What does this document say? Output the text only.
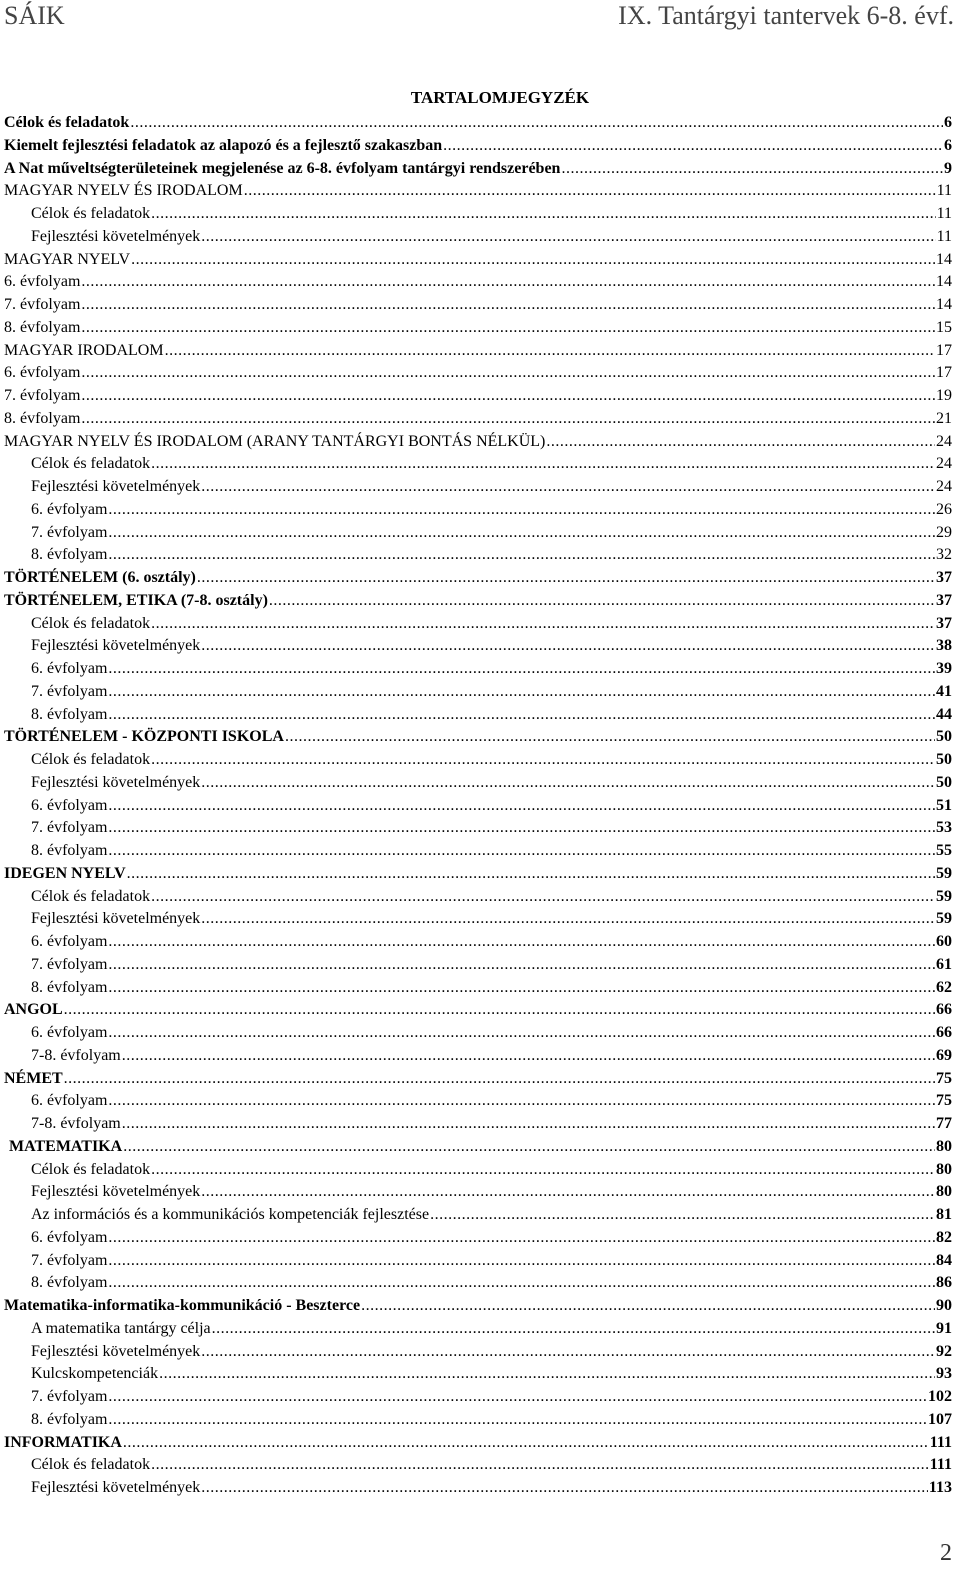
SÁIK	IX. Tantárgyi tantervek 6-8. évf.
TARTALOMJEGYZÉK
Célok és feladatok .....	6
Kiemelt fejlesztési feladatok az alapozó és a fejlesztő szakaszban .....	6
A Nat műveltségterületeinek megjelenése az 6-8. évfolyam tantárgyi rendszerében .....	9
MAGYAR NYELV ÉS IRODALOM .....	11
Célok és feladatok .....	11
Fejlesztési követelmények .....	11
MAGYAR NYELV .....	14
6. évfolyam .....	14
7. évfolyam .....	14
8. évfolyam .....	15
MAGYAR IRODALOM .....	17
6. évfolyam .....	17
7. évfolyam .....	19
8. évfolyam .....	21
MAGYAR NYELV ÉS IRODALOM (ARANY TANTÁRGYI BONTÁS NÉLKÜL) .....	24
Célok és feladatok .....	24
Fejlesztési követelmények .....	24
6. évfolyam .....	26
7. évfolyam .....	29
8. évfolyam .....	32
TÖRTÉNELEM (6. osztály) .....	37
TÖRTÉNELEM, ETIKA (7-8. osztály) .....	37
Célok és feladatok .....	37
Fejlesztési követelmények .....	38
6. évfolyam .....	39
7. évfolyam .....	41
8. évfolyam .....	44
TÖRTÉNELEM - KÖZPONTI ISKOLA .....	50
Célok és feladatok .....	50
Fejlesztési követelmények .....	50
6. évfolyam .....	51
7. évfolyam .....	53
8. évfolyam .....	55
IDEGEN NYELV .....	59
Célok és feladatok .....	59
Fejlesztési követelmények .....	59
6. évfolyam .....	60
7. évfolyam .....	61
8. évfolyam .....	62
ANGOL .....	66
6. évfolyam .....	66
7-8. évfolyam .....	69
NÉMET .....	75
6. évfolyam .....	75
7-8. évfolyam .....	77
MATEMATIKA .....	80
Célok és feladatok .....	80
Fejlesztési követelmények .....	80
Az információs és a kommunikációs kompetenciák fejlesztése .....	81
6. évfolyam .....	82
7. évfolyam .....	84
8. évfolyam .....	86
Matematika-informatika-kommunikáció - Beszterce .....	90
A matematika tantárgy célja .....	91
Fejlesztési követelmények .....	92
Kulcskompetenciák .....	93
7. évfolyam .....	102
8. évfolyam .....	107
INFORMATIKA .....	111
Célok és feladatok .....	111
Fejlesztési követelmények .....	113
2
